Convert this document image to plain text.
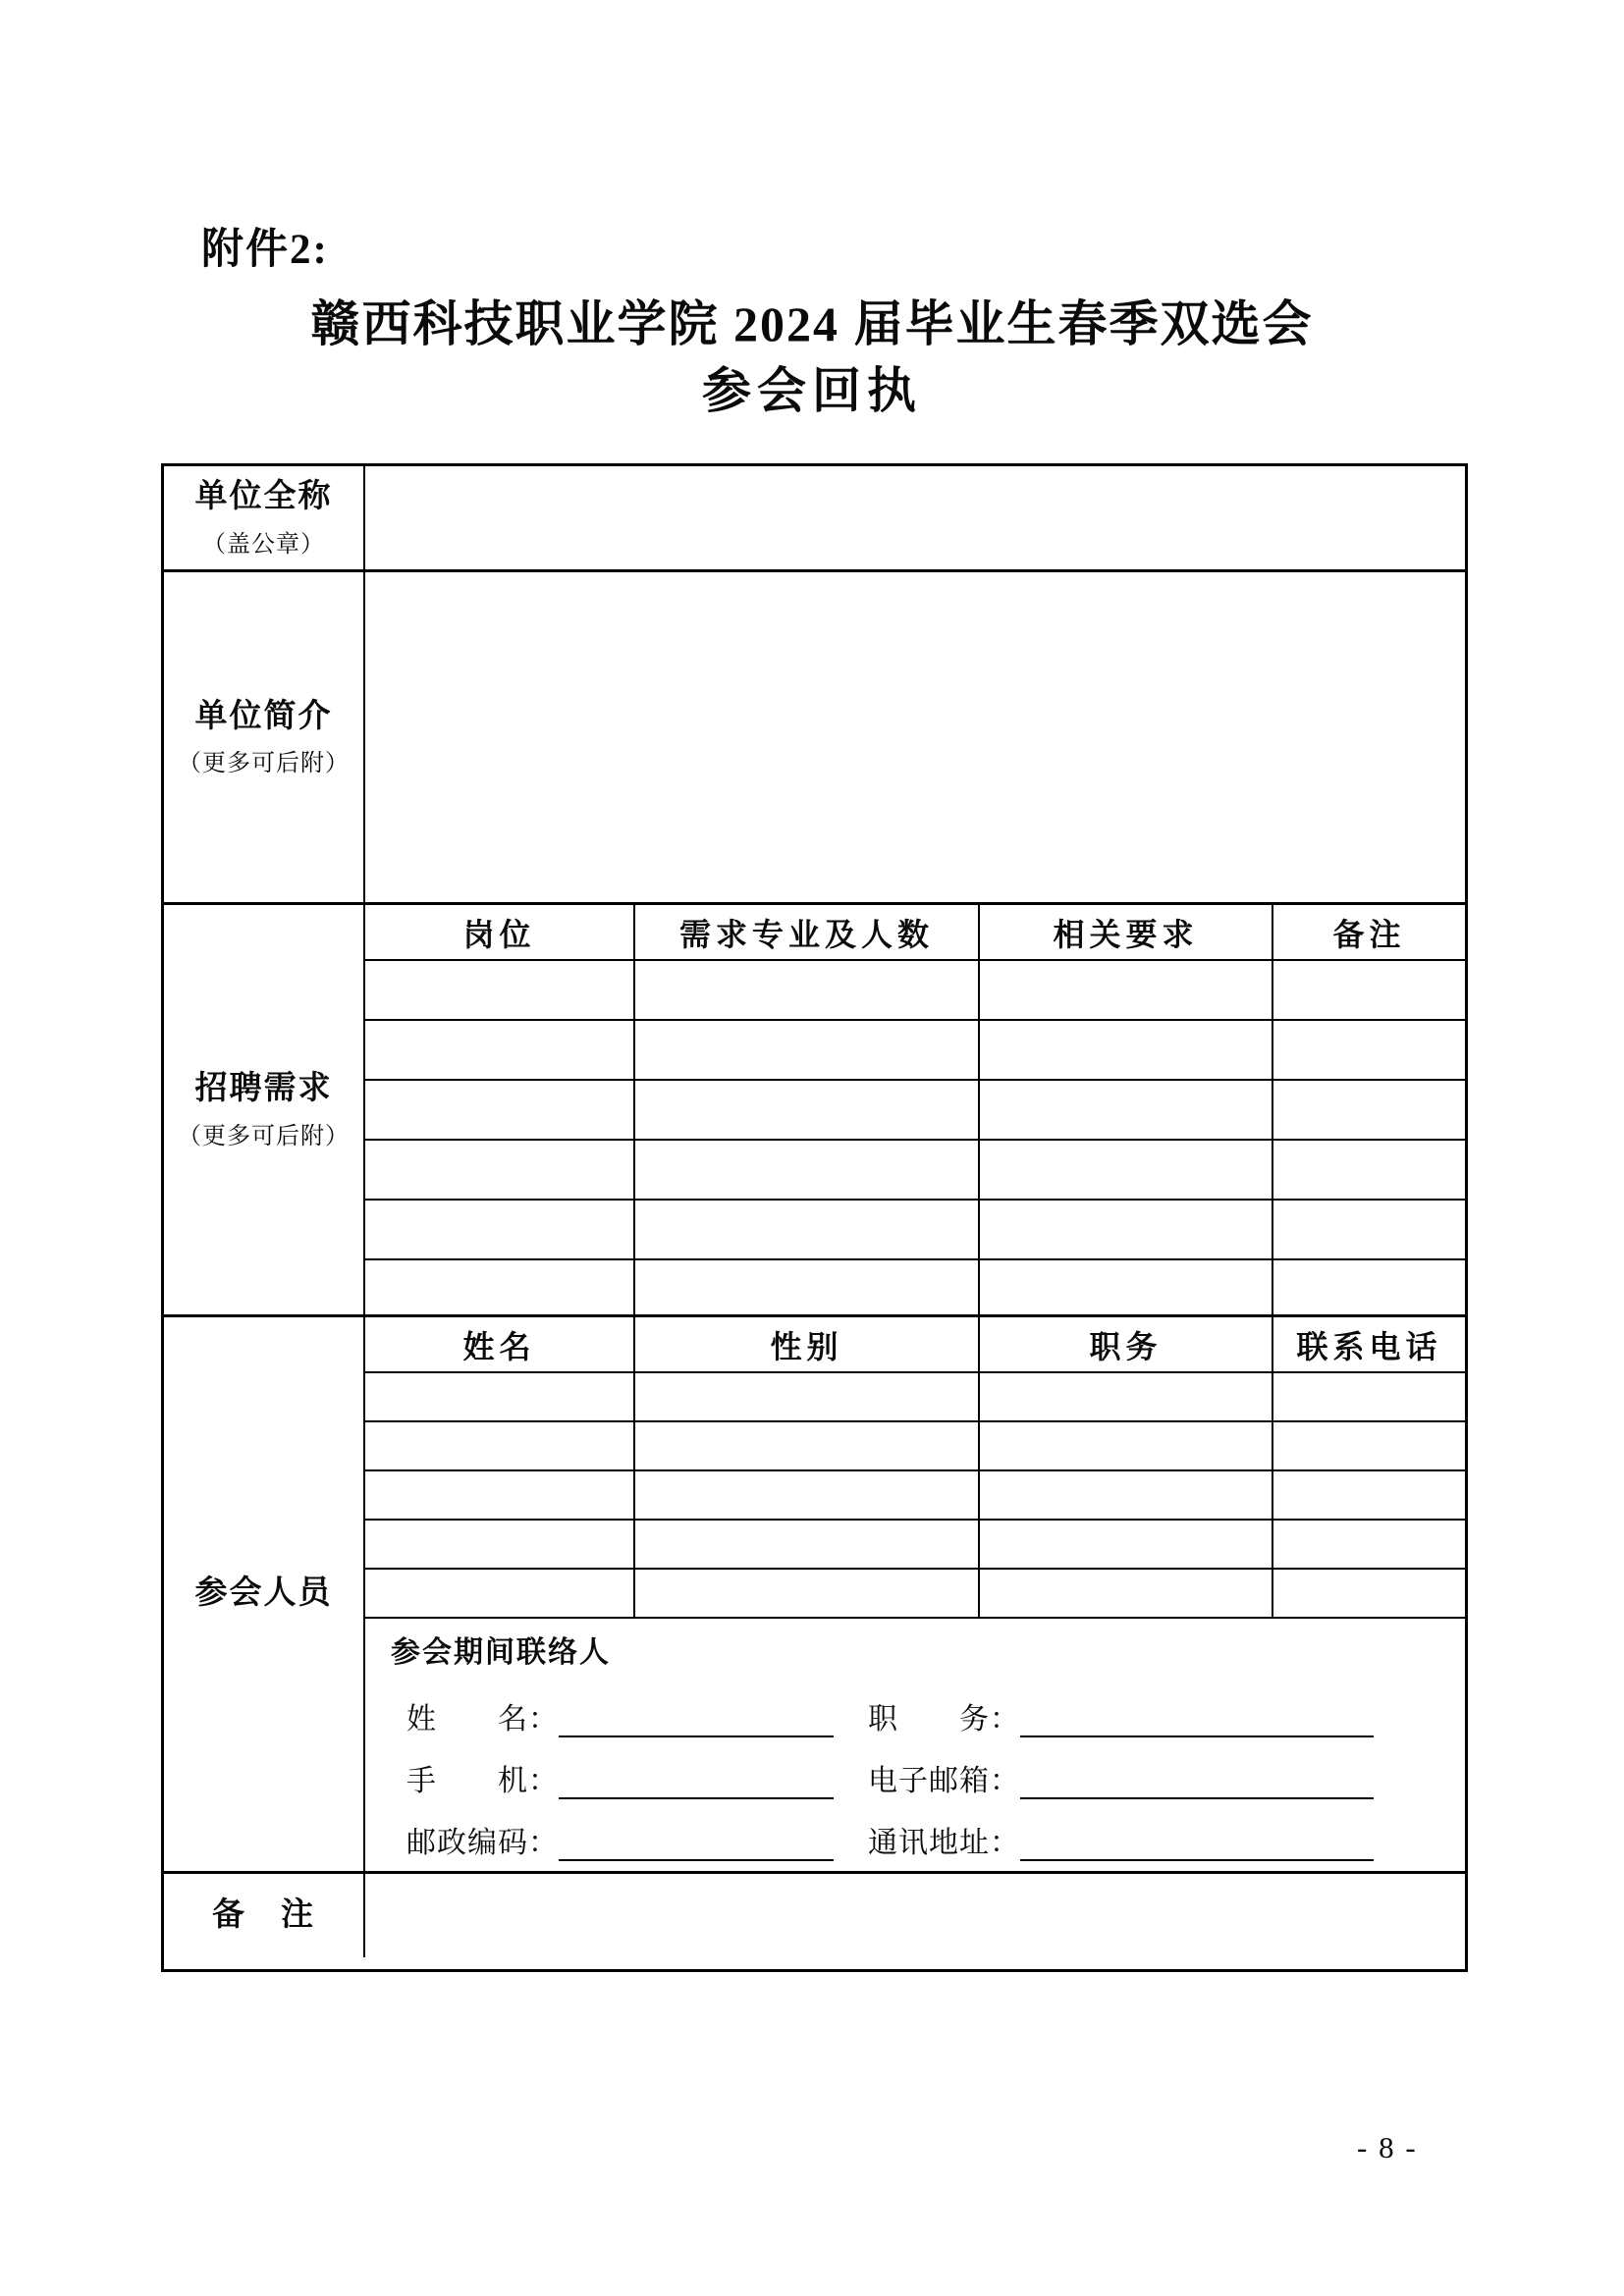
附件2:
赣西科技职业学院 2024 届毕业生春季双选会
参会回执
单位全称
（盖公章）
单位简介
（更多可后附）
招聘需求
（更多可后附）
岗位	需求专业及人数	相关要求	备注
参会人员
姓名	性别	职务	联系电话
参会期间联络人
姓　　名：	职　　务：
手　　机：	电子邮箱：
邮政编码：	通讯地址：
备　注
- 8 -
